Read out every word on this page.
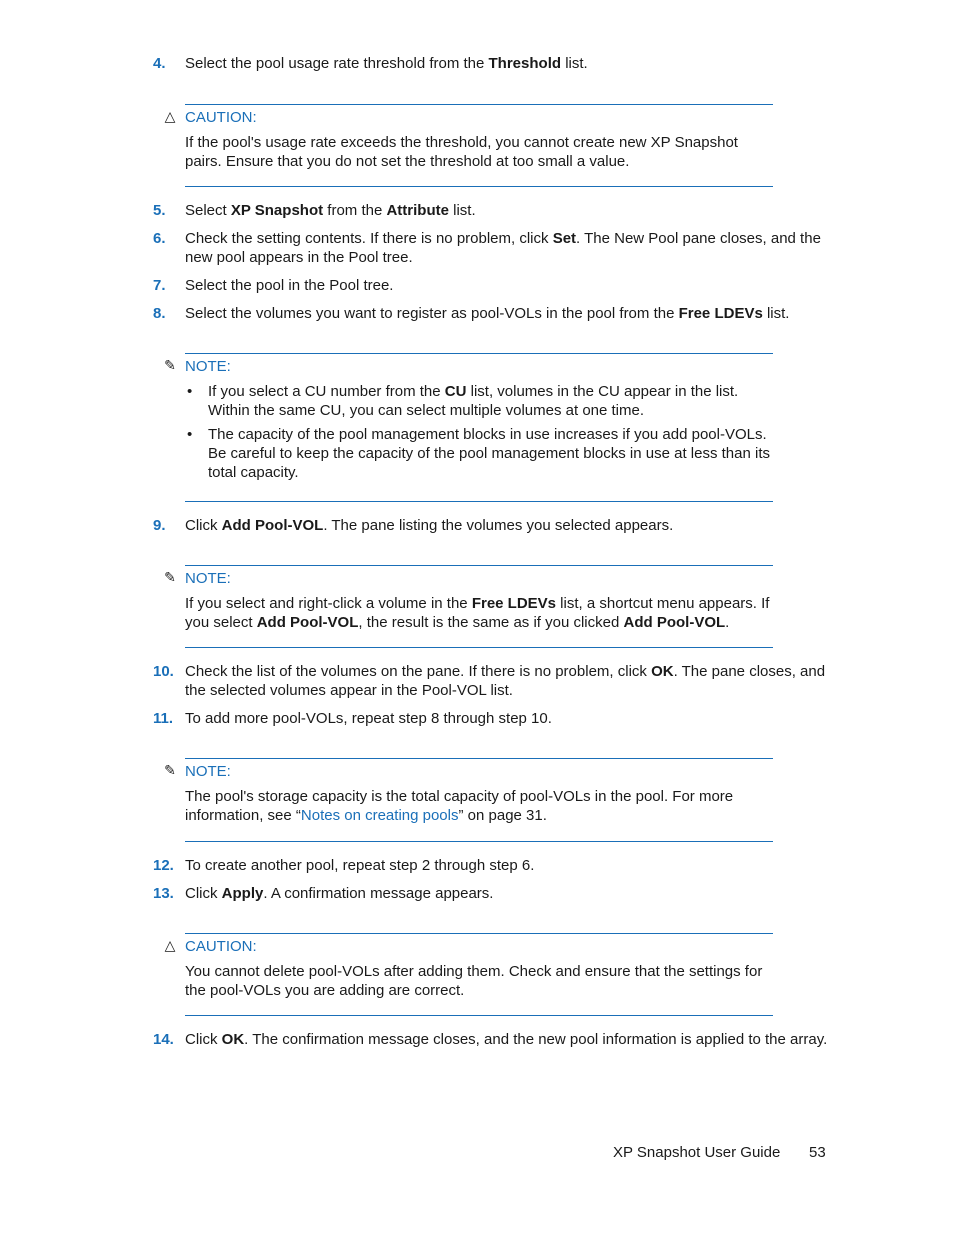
4. Select the pool usage rate threshold from the Threshold list.
△ CAUTION:
If the pool's usage rate exceeds the threshold, you cannot create new XP Snapshot pairs. Ensure that you do not set the threshold at too small a value.
5. Select XP Snapshot from the Attribute list.
6. Check the setting contents. If there is no problem, click Set. The New Pool pane closes, and the new pool appears in the Pool tree.
7. Select the pool in the Pool tree.
8. Select the volumes you want to register as pool-VOLs in the pool from the Free LDEVs list.
✎ NOTE:
• If you select a CU number from the CU list, volumes in the CU appear in the list. Within the same CU, you can select multiple volumes at one time.
• The capacity of the pool management blocks in use increases if you add pool-VOLs. Be careful to keep the capacity of the pool management blocks in use at less than its total capacity.
9. Click Add Pool-VOL. The pane listing the volumes you selected appears.
✎ NOTE:
If you select and right-click a volume in the Free LDEVs list, a shortcut menu appears. If you select Add Pool-VOL, the result is the same as if you clicked Add Pool-VOL.
10. Check the list of the volumes on the pane. If there is no problem, click OK. The pane closes, and the selected volumes appear in the Pool-VOL list.
11. To add more pool-VOLs, repeat step 8 through step 10.
✎ NOTE:
The pool's storage capacity is the total capacity of pool-VOLs in the pool. For more information, see “Notes on creating pools” on page 31.
12. To create another pool, repeat step 2 through step 6.
13. Click Apply. A confirmation message appears.
△ CAUTION:
You cannot delete pool-VOLs after adding them. Check and ensure that the settings for the pool-VOLs you are adding are correct.
14. Click OK. The confirmation message closes, and the new pool information is applied to the array.
XP Snapshot User Guide 53
